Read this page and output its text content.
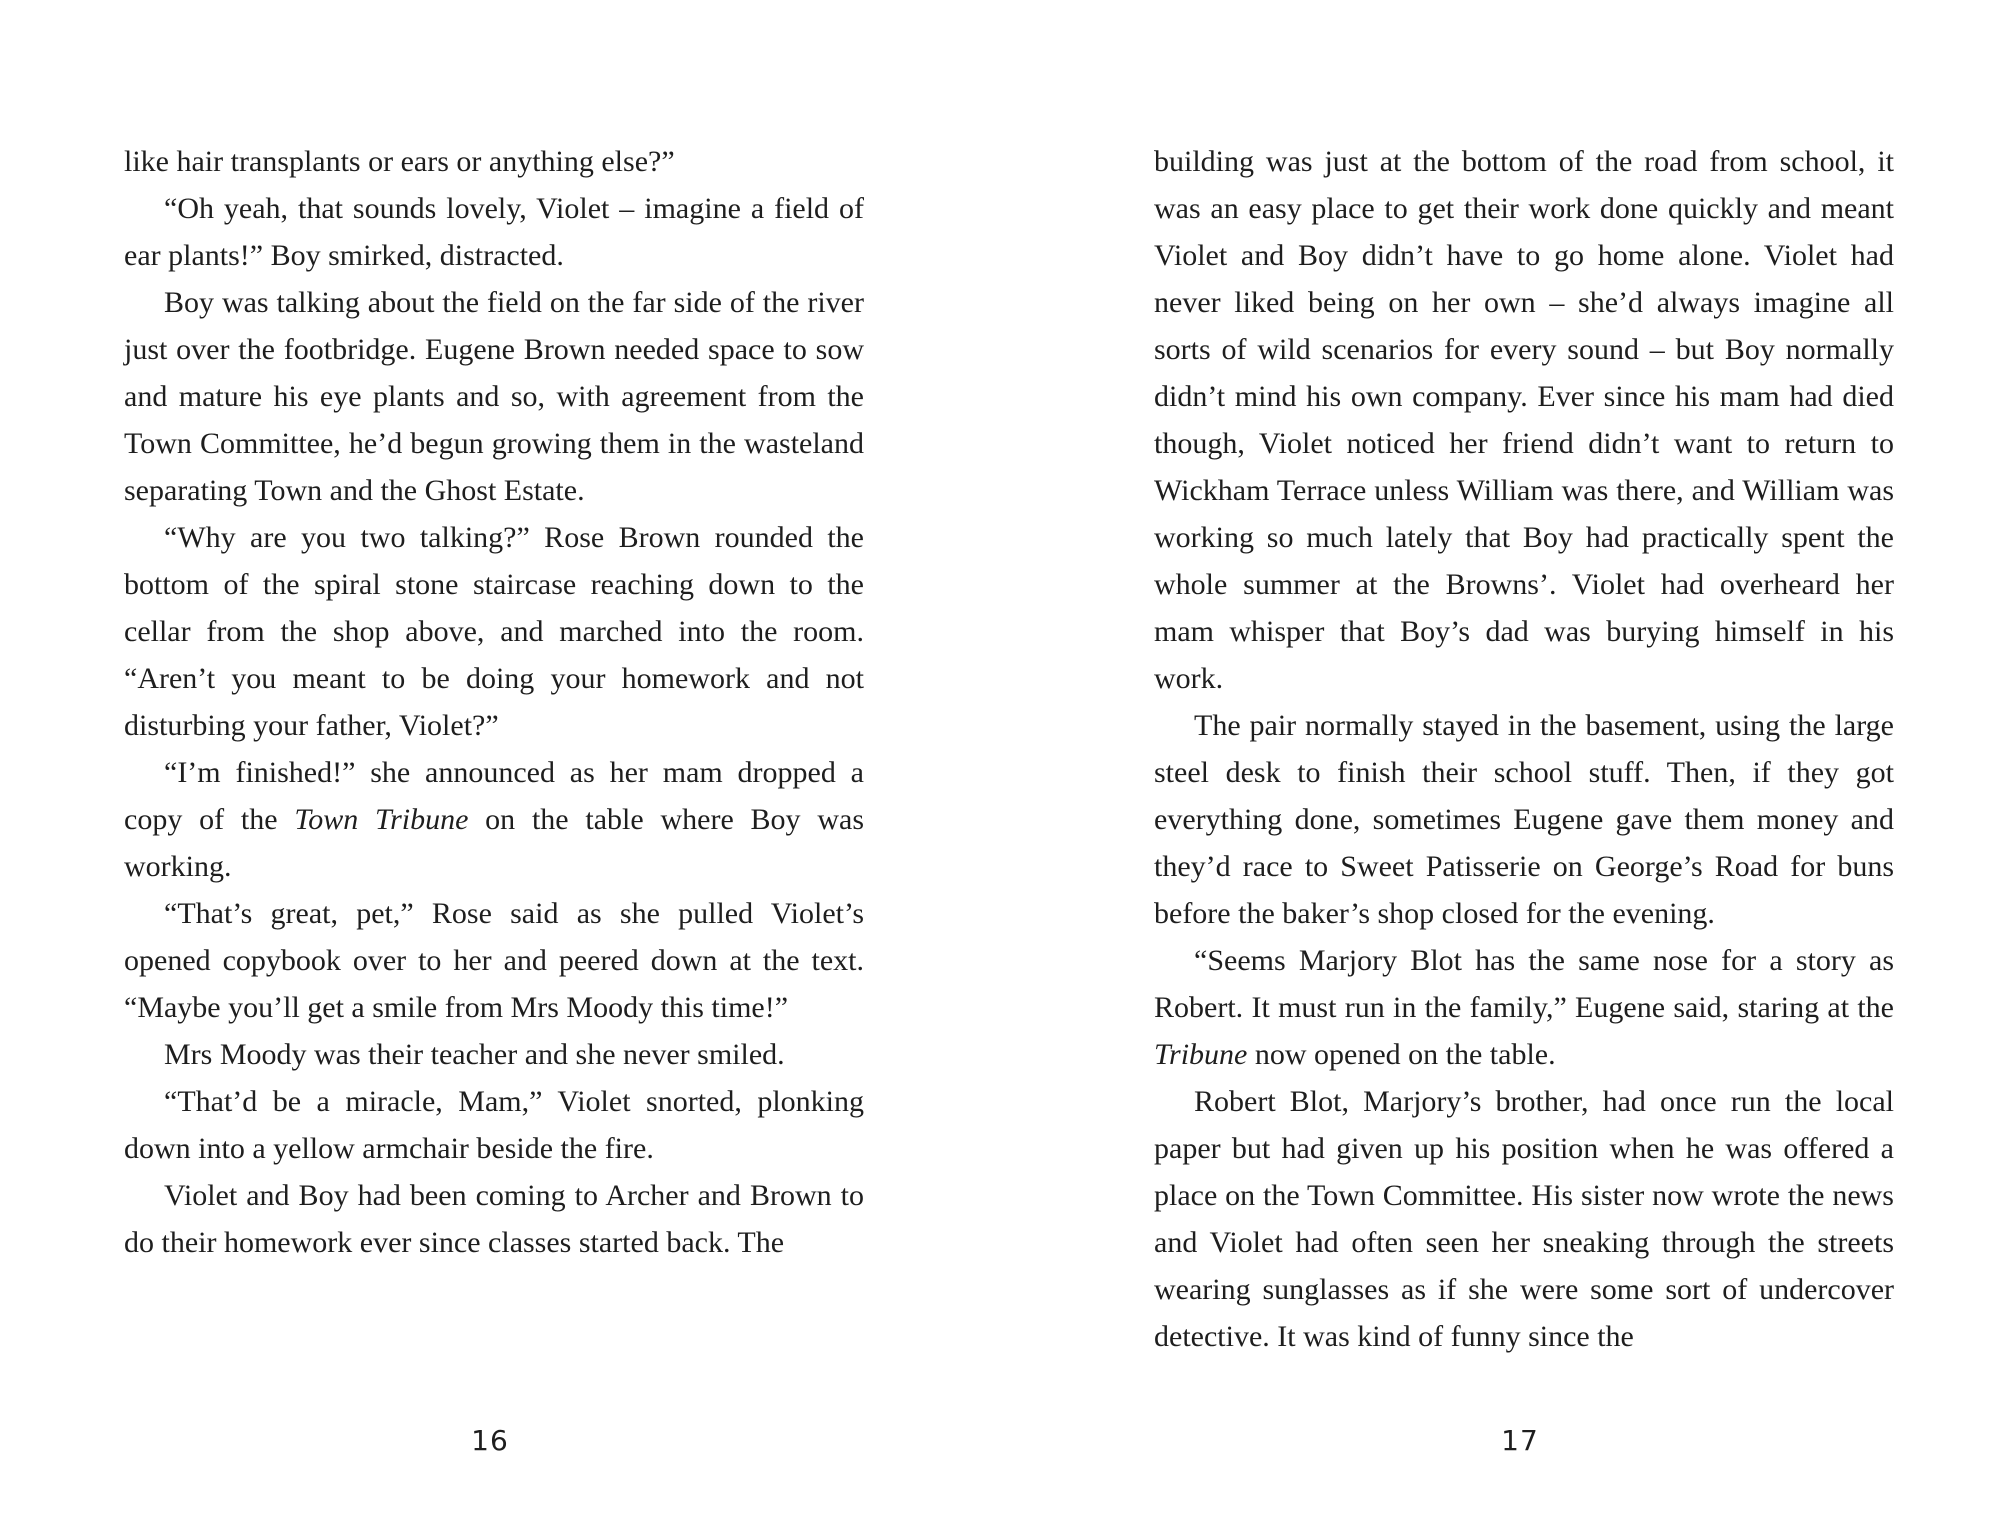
like hair transplants or ears or anything else?”

“Oh yeah, that sounds lovely, Violet – imagine a field of ear plants!” Boy smirked, distracted.

Boy was talking about the field on the far side of the river just over the footbridge. Eugene Brown needed space to sow and mature his eye plants and so, with agreement from the Town Committee, he’d begun growing them in the wasteland separating Town and the Ghost Estate.

“Why are you two talking?” Rose Brown rounded the bottom of the spiral stone staircase reaching down to the cellar from the shop above, and marched into the room. “Aren’t you meant to be doing your homework and not disturbing your father, Violet?”

“I’m finished!” she announced as her mam dropped a copy of the Town Tribune on the table where Boy was working.

“That’s great, pet,” Rose said as she pulled Violet’s opened copybook over to her and peered down at the text. “Maybe you’ll get a smile from Mrs Moody this time!”

Mrs Moody was their teacher and she never smiled.

“That’d be a miracle, Mam,” Violet snorted, plonking down into a yellow armchair beside the fire.

Violet and Boy had been coming to Archer and Brown to do their homework ever since classes started back. The

16

building was just at the bottom of the road from school, it was an easy place to get their work done quickly and meant Violet and Boy didn’t have to go home alone. Violet had never liked being on her own – she’d always imagine all sorts of wild scenarios for every sound – but Boy normally didn’t mind his own company. Ever since his mam had died though, Violet noticed her friend didn’t want to return to Wickham Terrace unless William was there, and William was working so much lately that Boy had practically spent the whole summer at the Browns’. Violet had overheard her mam whisper that Boy’s dad was burying himself in his work.

The pair normally stayed in the basement, using the large steel desk to finish their school stuff. Then, if they got everything done, sometimes Eugene gave them money and they’d race to Sweet Patisserie on George’s Road for buns before the baker’s shop closed for the evening.

“Seems Marjory Blot has the same nose for a story as Robert. It must run in the family,” Eugene said, staring at the Tribune now opened on the table.

Robert Blot, Marjory’s brother, had once run the local paper but had given up his position when he was offered a place on the Town Committee. His sister now wrote the news and Violet had often seen her sneaking through the streets wearing sunglasses as if she were some sort of undercover detective. It was kind of funny since the

17
